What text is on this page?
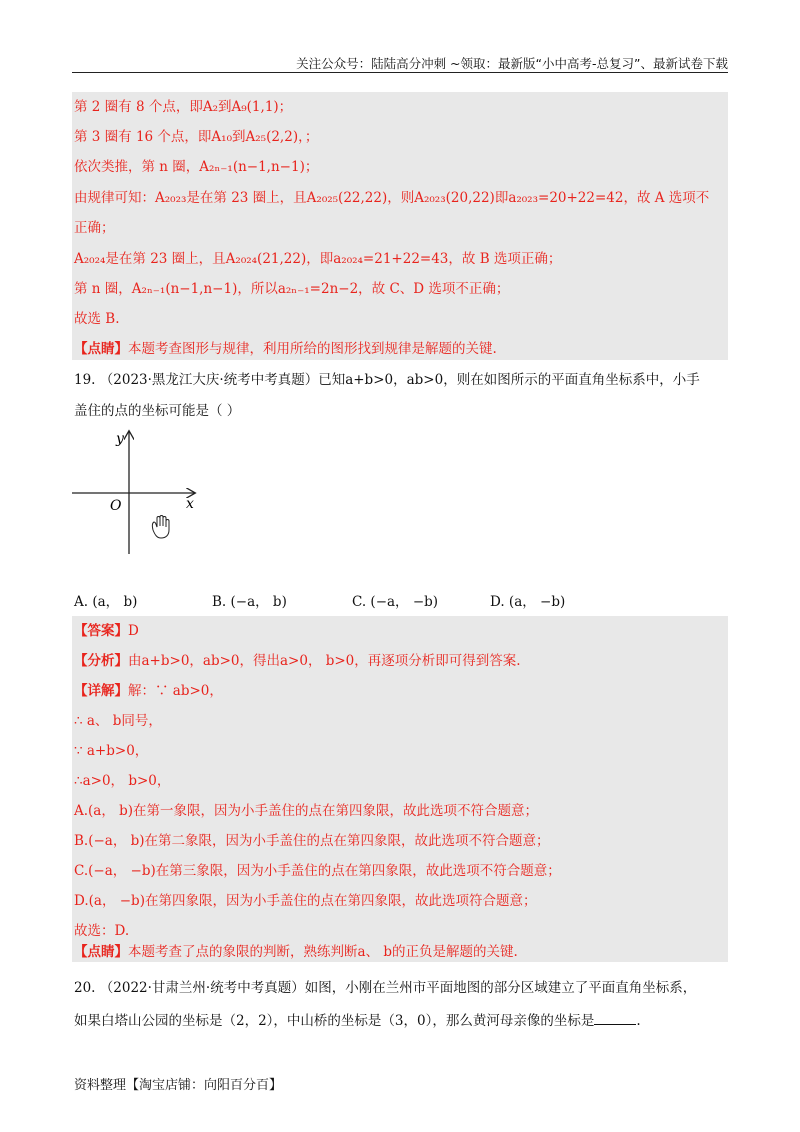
关注公众号：陆陆高分冲刺 ~领取：最新版“小中高考-总复习”、最新试卷下载
第 2 圈有 8 个点，即A₂到A₉(1,1)；
第 3 圈有 16 个点，即A₁₀到A₂₅(2,2)，；
依次类推，第 n 圈，A₂ₙ₋₁(n−1,n−1)；
由规律可知：A₂₀₂₃是在第 23 圈上，且A₂₀₂₅(22,22)，则A₂₀₂₃(20,22)即a₂₀₂₃=20+22=42，故 A 选项不
正确；
A₂₀₂₄是在第 23 圈上，且A₂₀₂₄(21,22)，即a₂₀₂₄=21+22=43，故 B 选项正确；
第 n 圈，A₂ₙ₋₁(n−1,n−1)，所以a₂ₙ₋₁=2n−2，故 C、D 选项不正确；
故选 B.
【点睛】本题考查图形与规律，利用所给的图形找到规律是解题的关键.
19. （2023·黑龙江大庆·统考中考真题）已知a+b>0，ab>0，则在如图所示的平面直角坐标系中，小手
盖住的点的坐标可能是（ ）
y
x
O
A. (a， b)	B. (−a， b)	C. (−a， −b)	D. (a， −b)
【答案】D
【分析】由a+b>0，ab>0，得出a>0， b>0，再逐项分析即可得到答案.
【详解】解：∵ ab>0，
∴ a、 b同号，
∵ a+b>0，
∴a>0， b>0，
A.(a， b)在第一象限，因为小手盖住的点在第四象限，故此选项不符合题意；
B.(−a， b)在第二象限，因为小手盖住的点在第四象限，故此选项不符合题意；
C.(−a， −b)在第三象限，因为小手盖住的点在第四象限，故此选项不符合题意；
D.(a， −b)在第四象限，因为小手盖住的点在第四象限，故此选项符合题意；
故选：D.
【点睛】本题考查了点的象限的判断，熟练判断a、 b的正负是解题的关键.
20. （2022·甘肃兰州·统考中考真题）如图，小刚在兰州市平面地图的部分区域建立了平面直角坐标系，
如果白塔山公园的坐标是（2，2），中山桥的坐标是（3，0），那么黄河母亲像的坐标是	.
资料整理【淘宝店铺：向阳百分百】
